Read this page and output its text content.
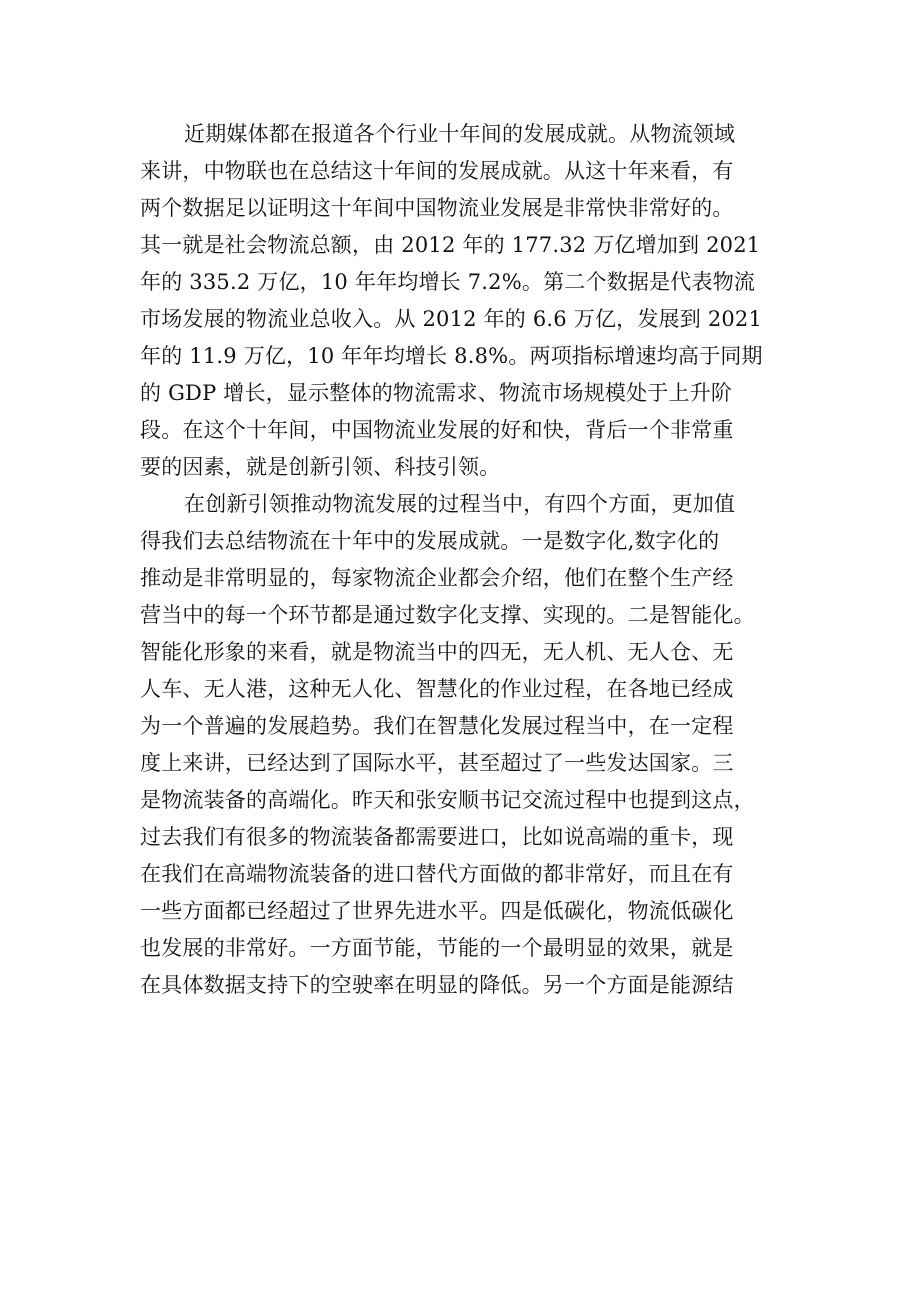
近期媒体都在报道各个行业十年间的发展成就。从物流领域
来讲，中物联也在总结这十年间的发展成就。从这十年来看，有
两个数据足以证明这十年间中国物流业发展是非常快非常好的。
其一就是社会物流总额，由 2012 年的 177.32 万亿增加到 2021
年的 335.2 万亿，10 年年均增长 7.2%。第二个数据是代表物流
市场发展的物流业总收入。从 2012 年的 6.6 万亿，发展到 2021
年的 11.9 万亿，10 年年均增长 8.8%。两项指标增速均高于同期
的 GDP 增长，显示整体的物流需求、物流市场规模处于上升阶
段。在这个十年间，中国物流业发展的好和快，背后一个非常重
要的因素，就是创新引领、科技引领。
在创新引领推动物流发展的过程当中，有四个方面，更加值
得我们去总结物流在十年中的发展成就。一是数字化,数字化的
推动是非常明显的，每家物流企业都会介绍，他们在整个生产经
营当中的每一个环节都是通过数字化支撑、实现的。二是智能化。
智能化形象的来看，就是物流当中的四无，无人机、无人仓、无
人车、无人港，这种无人化、智慧化的作业过程，在各地已经成
为一个普遍的发展趋势。我们在智慧化发展过程当中，在一定程
度上来讲，已经达到了国际水平，甚至超过了一些发达国家。三
是物流装备的高端化。昨天和张安顺书记交流过程中也提到这点，
过去我们有很多的物流装备都需要进口，比如说高端的重卡，现
在我们在高端物流装备的进口替代方面做的都非常好，而且在有
一些方面都已经超过了世界先进水平。四是低碳化，物流低碳化
也发展的非常好。一方面节能，节能的一个最明显的效果，就是
在具体数据支持下的空驶率在明显的降低。另一个方面是能源结
